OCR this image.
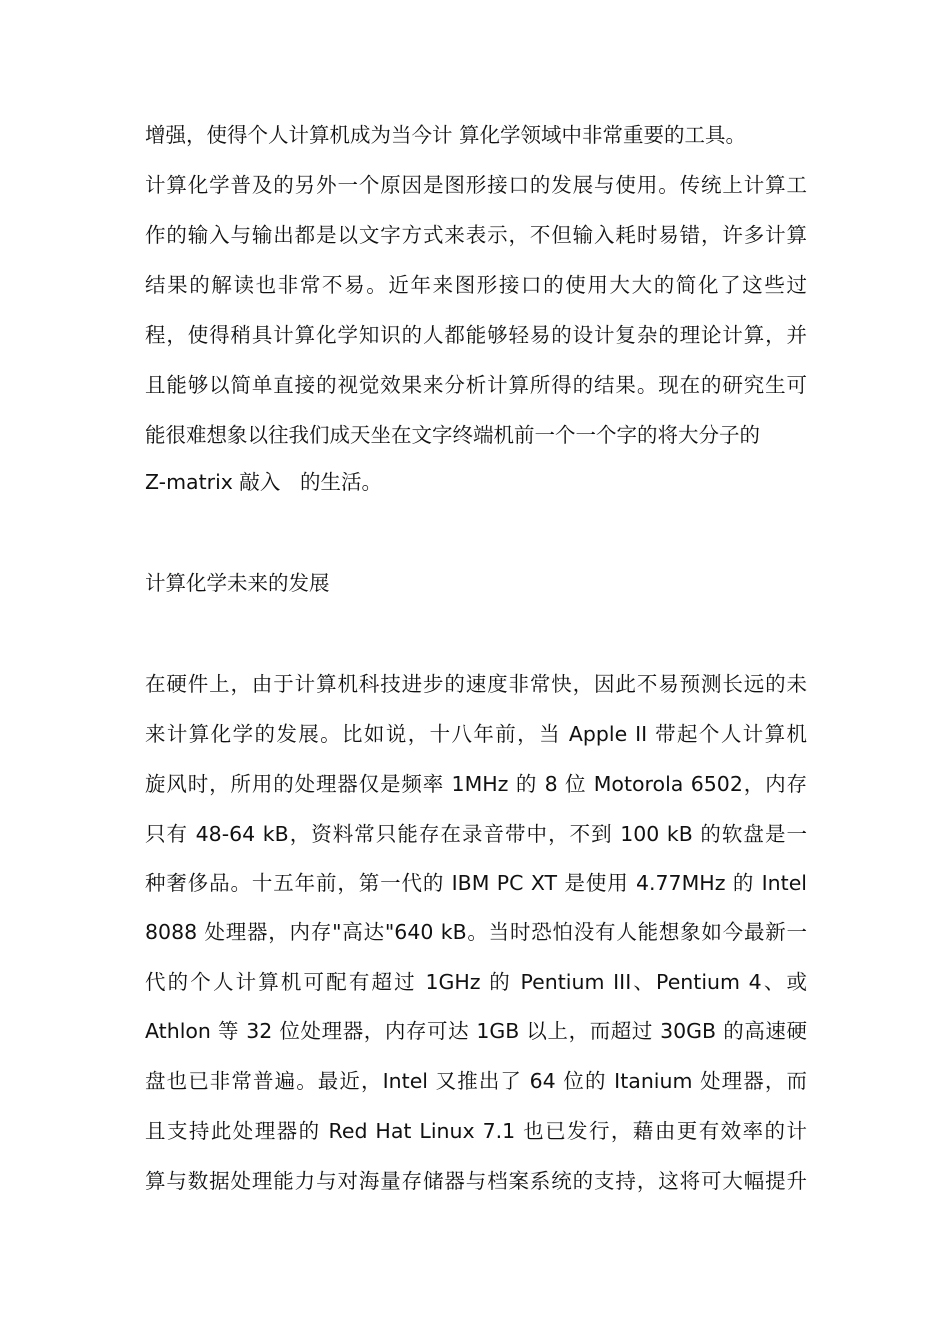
增强，使得个人计算机成为当今计 算化学领域中非常重要的工具。
计算化学普及的另外一个原因是图形接口的发展与使用。传统上计算工
作的输入与输出都是以文字方式来表示，不但输入耗时易错，许多计算
结果的解读也非常不易。近年来图形接口的使用大大的简化了这些过
程，使得稍具计算化学知识的人都能够轻易的设计复杂的理论计算，并
且能够以简单直接的视觉效果来分析计算所得的结果。现在的研究生可
能很难想象以往我们成天坐在文字终端机前一个一个字的将大分子的
Z-matrix 敲入   的生活。
计算化学未来的发展
在硬件上，由于计算机科技进步的速度非常快，因此不易预测长远的未
来计算化学的发展。比如说，十八年前，当 Apple II 带起个人计算机
旋风时，所用的处理器仅是频率 1MHz 的 8 位 Motorola 6502，内存
只有 48-64 kB，资料常只能存在录音带中，不到 100 kB 的软盘是一
种奢侈品。十五年前，第一代的 IBM PC XT 是使用 4.77MHz 的 Intel
8088 处理器，内存"高达"640 kB。当时恐怕没有人能想象如今最新一
代的个人计算机可配有超过 1GHz 的 Pentium III、Pentium 4、或
Athlon 等 32 位处理器，内存可达 1GB 以上，而超过 30GB 的高速硬
盘也已非常普遍。最近，Intel 又推出了 64 位的 Itanium 处理器，而
且支持此处理器的 Red Hat Linux 7.1 也已发行，藉由更有效率的计
算与数据处理能力与对海量存储器与档案系统的支持，这将可大幅提升
